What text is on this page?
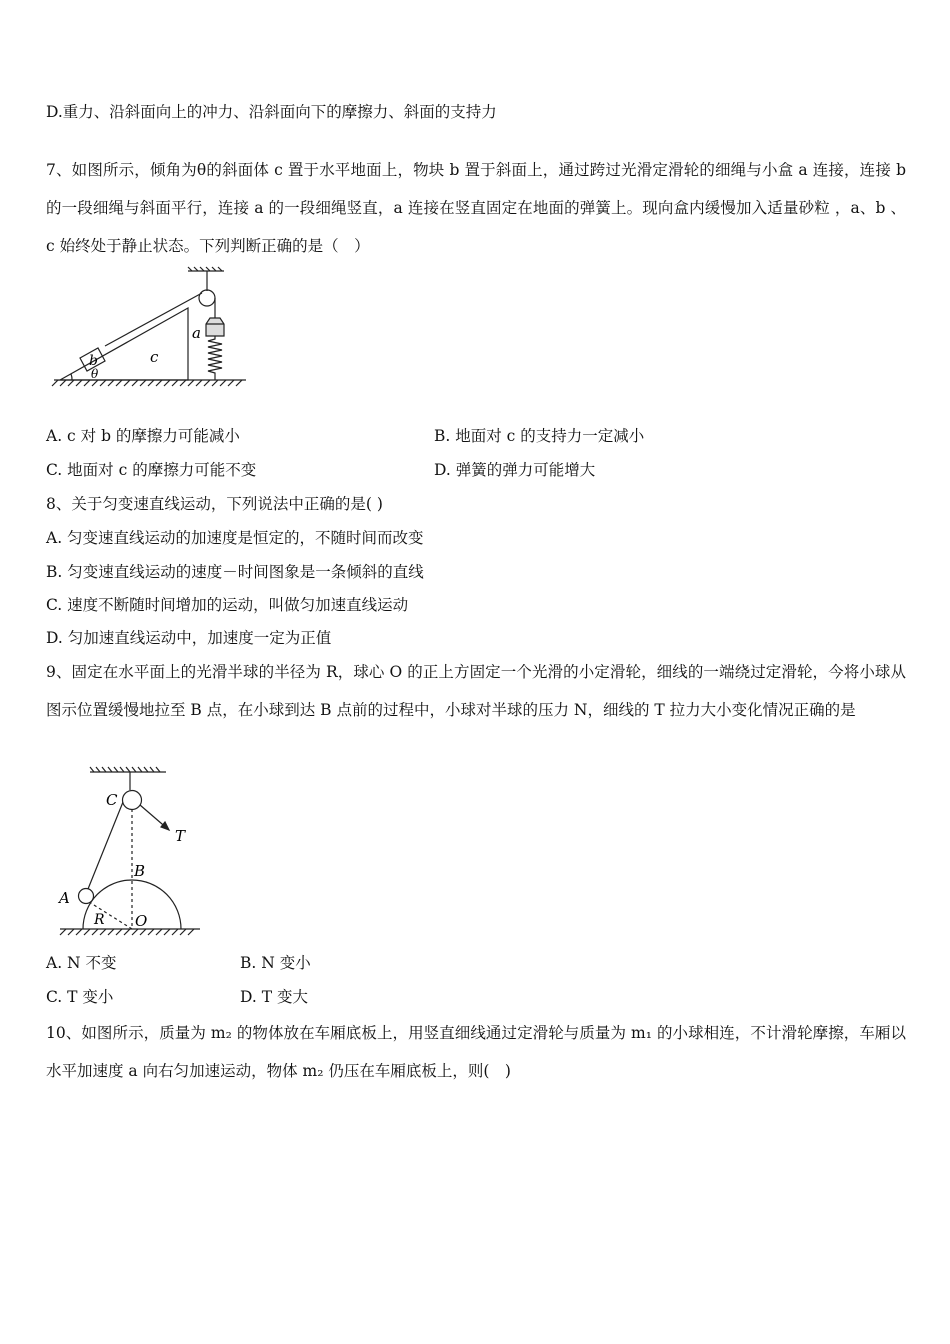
D.重力、沿斜面向上的冲力、沿斜面向下的摩擦力、斜面的支持力
7、如图所示，倾角为θ的斜面体 c 置于水平地面上，物块 b 置于斜面上，通过跨过光滑定滑轮的细绳与小盒 a 连接，连接 b 的一段细绳与斜面平行，连接 a 的一段细绳竖直，a 连接在竖直固定在地面的弹簧上。现向盒内缓慢加入适量砂粒 ，a、b 、c 始终处于静止状态。下列判断正确的是（　）
a
b	c
θ
A. c 对 b 的摩擦力可能减小	B. 地面对 c 的支持力一定减小
C. 地面对 c 的摩擦力可能不变	D. 弹簧的弹力可能增大
8、关于匀变速直线运动，下列说法中正确的是( )
A. 匀变速直线运动的加速度是恒定的，不随时间而改变
B. 匀变速直线运动的速度－时间图象是一条倾斜的直线
C. 速度不断随时间增加的运动，叫做匀加速直线运动
D. 匀加速直线运动中，加速度一定为正值
9、固定在水平面上的光滑半球的半径为 R，球心 O 的正上方固定一个光滑的小定滑轮，细线的一端绕过定滑轮，今将小球从图示位置缓慢地拉至 B 点，在小球到达 B 点前的过程中，小球对半球的压力 N，细线的 T 拉力大小变化情况正确的是
C
T
B
A
R O
A. N 不变	B. N 变小
C. T 变小	D. T 变大
10、如图所示，质量为 m₂ 的物体放在车厢底板上，用竖直细线通过定滑轮与质量为 m₁ 的小球相连，不计滑轮摩擦，车厢以水平加速度 a 向右匀加速运动，物体 m₂ 仍压在车厢底板上，则(　)
